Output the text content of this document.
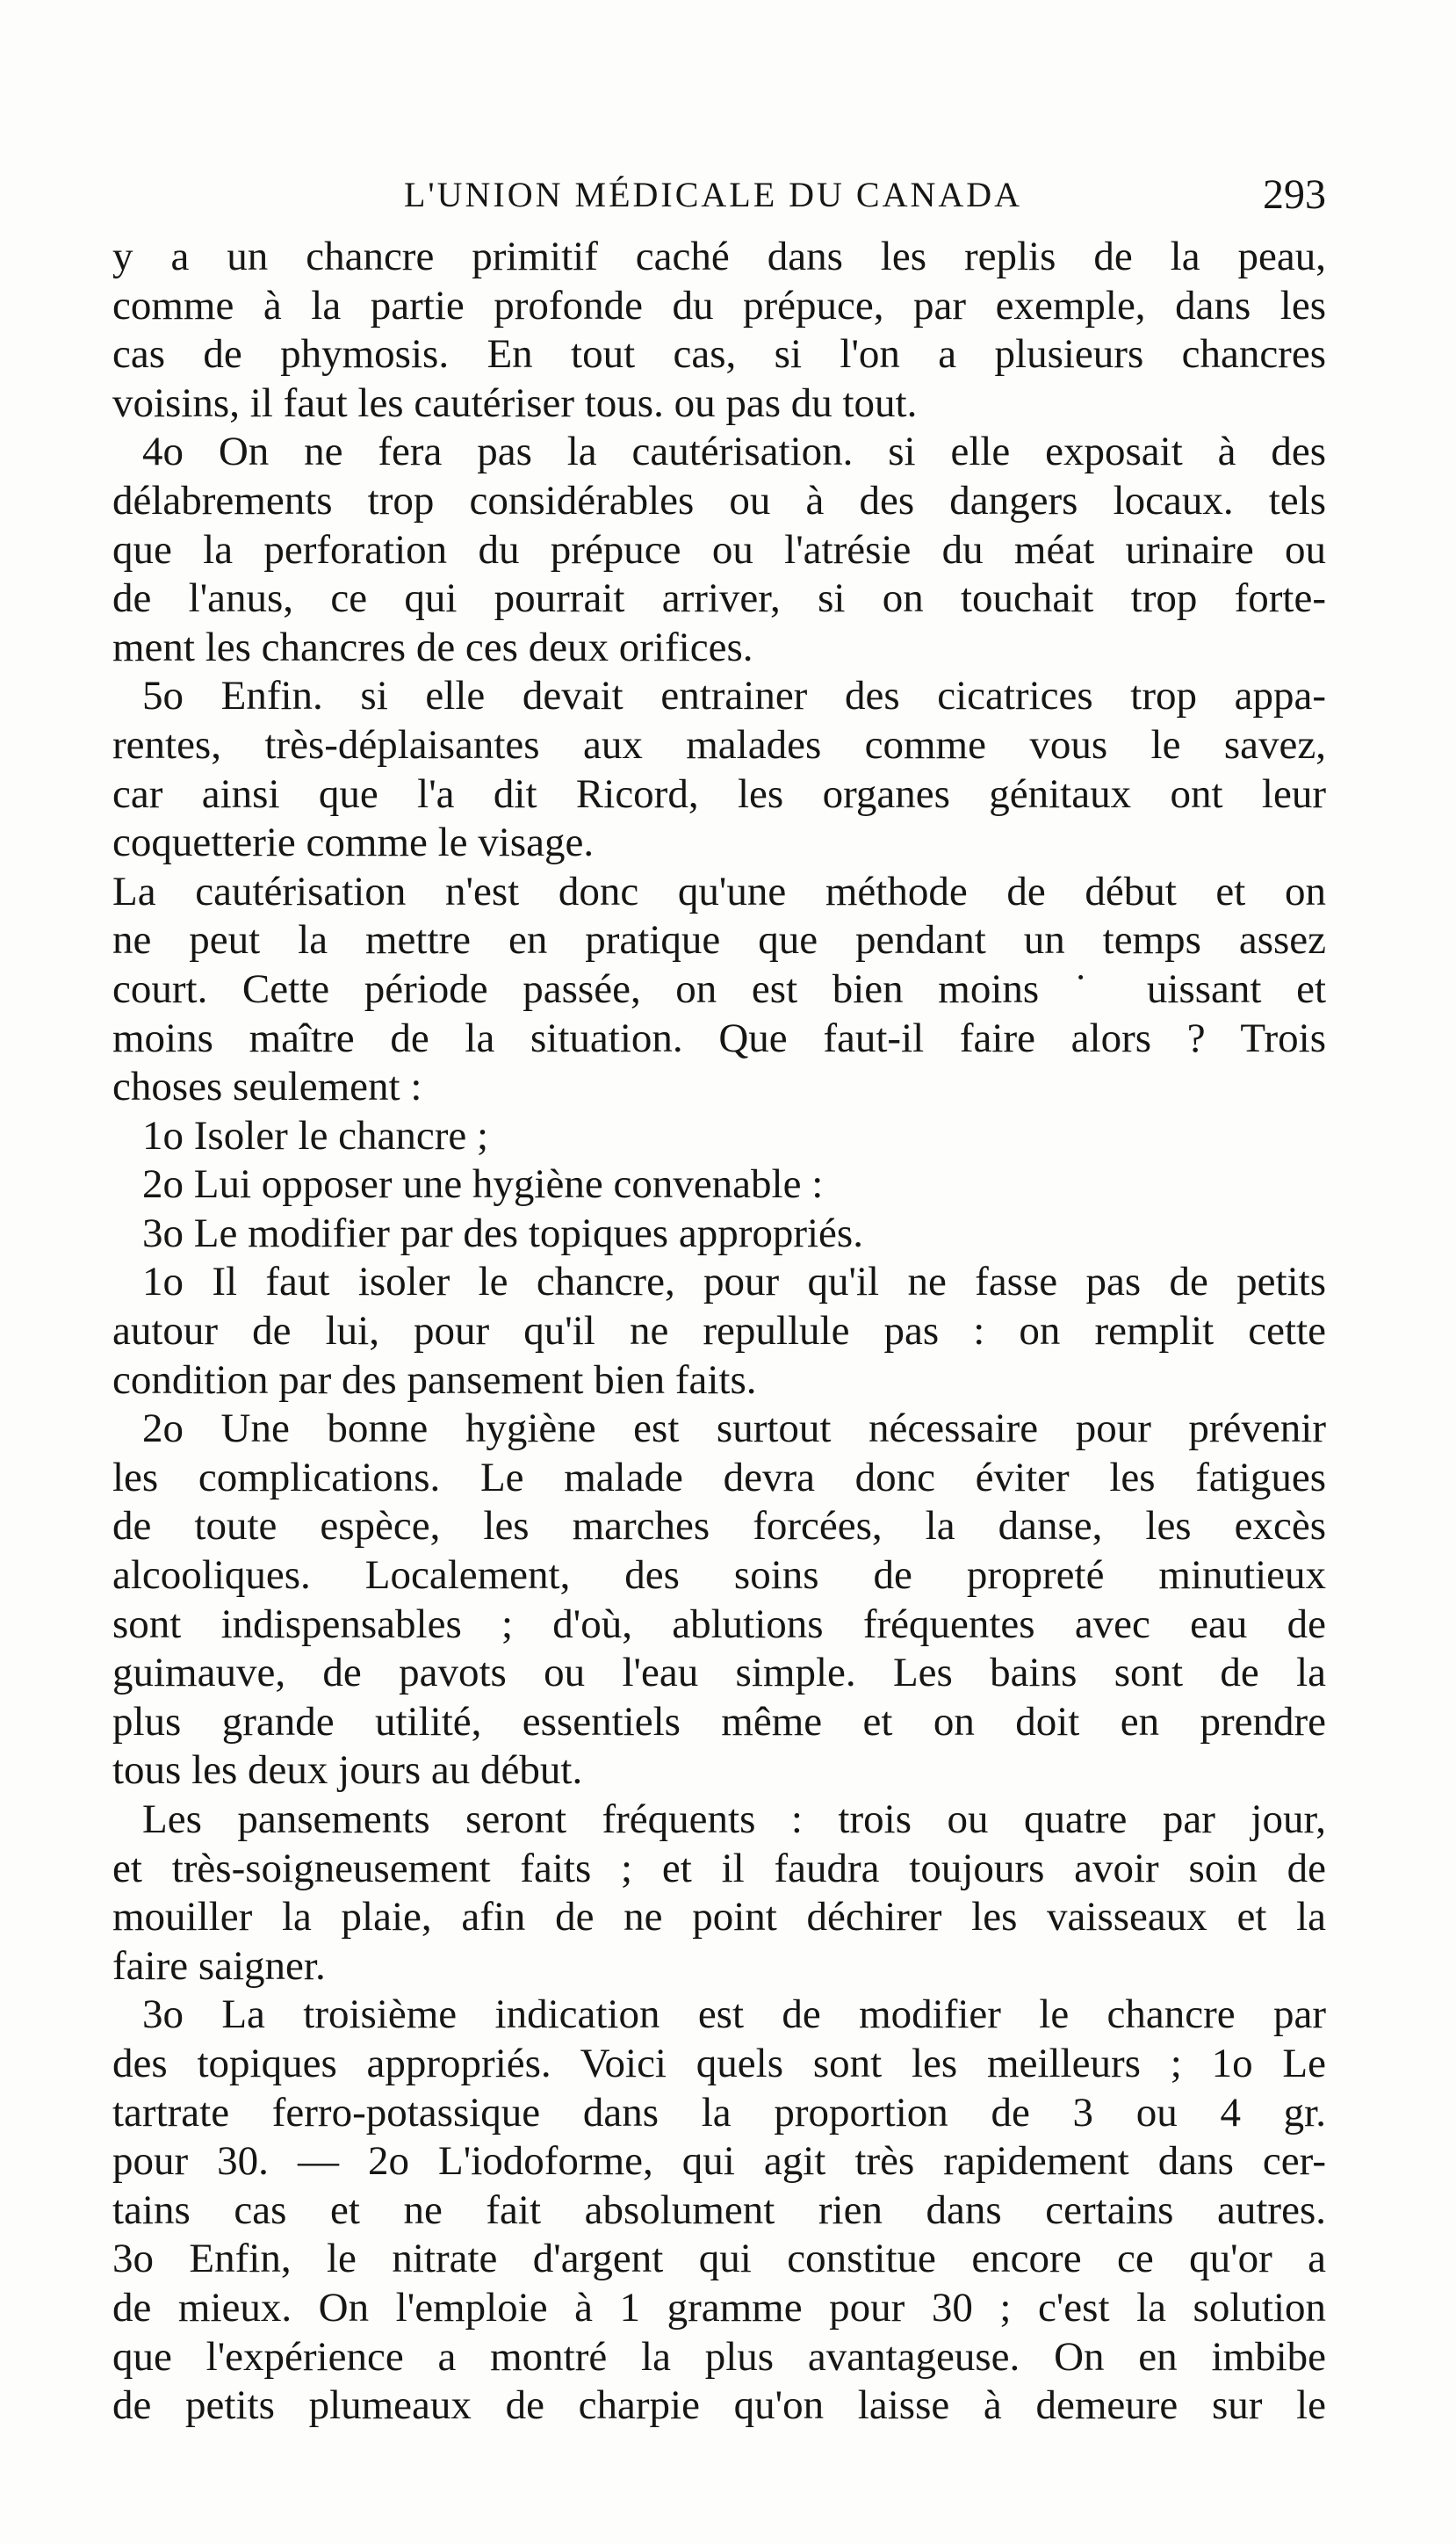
L'UNION MÉDICALE DU CANADA	293
y a un chancre primitif caché dans les replis de la peau,
comme à la partie profonde du prépuce, par exemple, dans les
cas de phymosis. En tout cas, si l'on a plusieurs chancres
voisins, il faut les cautériser tous. ou pas du tout.
4o On ne fera pas la cautérisation. si elle exposait à des
délabrements trop considérables ou à des dangers locaux. tels
que la perforation du prépuce ou l'atrésie du méat urinaire ou
de l'anus, ce qui pourrait arriver, si on touchait trop forte-
ment les chancres de ces deux orifices.
5o Enfin. si elle devait entrainer des cicatrices trop appa-
rentes, très-déplaisantes aux malades comme vous le savez,
car ainsi que l'a dit Ricord, les organes génitaux ont leur
coquetterie comme le visage.
La cautérisation n'est donc qu'une méthode de début et on
ne peut la mettre en pratique que pendant un temps assez
court. Cette période passée, on est bien moins ˙ uissant et
moins maître de la situation. Que faut-il faire alors ? Trois
choses seulement :
1o Isoler le chancre ;
2o Lui opposer une hygiène convenable :
3o Le modifier par des topiques appropriés.
1o Il faut isoler le chancre, pour qu'il ne fasse pas de petits
autour de lui, pour qu'il ne repullule pas : on remplit cette
condition par des pansement bien faits.
2o Une bonne hygiène est surtout nécessaire pour prévenir
les complications. Le malade devra donc éviter les fatigues
de toute espèce, les marches forcées, la danse, les excès
alcooliques. Localement, des soins de propreté minutieux
sont indispensables ; d'où, ablutions fréquentes avec eau de
guimauve, de pavots ou l'eau simple. Les bains sont de la
plus grande utilité, essentiels même et on doit en prendre
tous les deux jours au début.
Les pansements seront fréquents : trois ou quatre par jour,
et très-soigneusement faits ; et il faudra toujours avoir soin de
mouiller la plaie, afin de ne point déchirer les vaisseaux et la
faire saigner.
3o La troisième indication est de modifier le chancre par
des topiques appropriés. Voici quels sont les meilleurs ; 1o Le
tartrate ferro-potassique dans la proportion de 3 ou 4 gr.
pour 30. — 2o L'iodoforme, qui agit très rapidement dans cer-
tains cas et ne fait absolument rien dans certains autres.
3o Enfin, le nitrate d'argent qui constitue encore ce qu'or a
de mieux. On l'emploie à 1 gramme pour 30 ; c'est la solution
que l'expérience a montré la plus avantageuse. On en imbibe
de petits plumeaux de charpie qu'on laisse à demeure sur le
